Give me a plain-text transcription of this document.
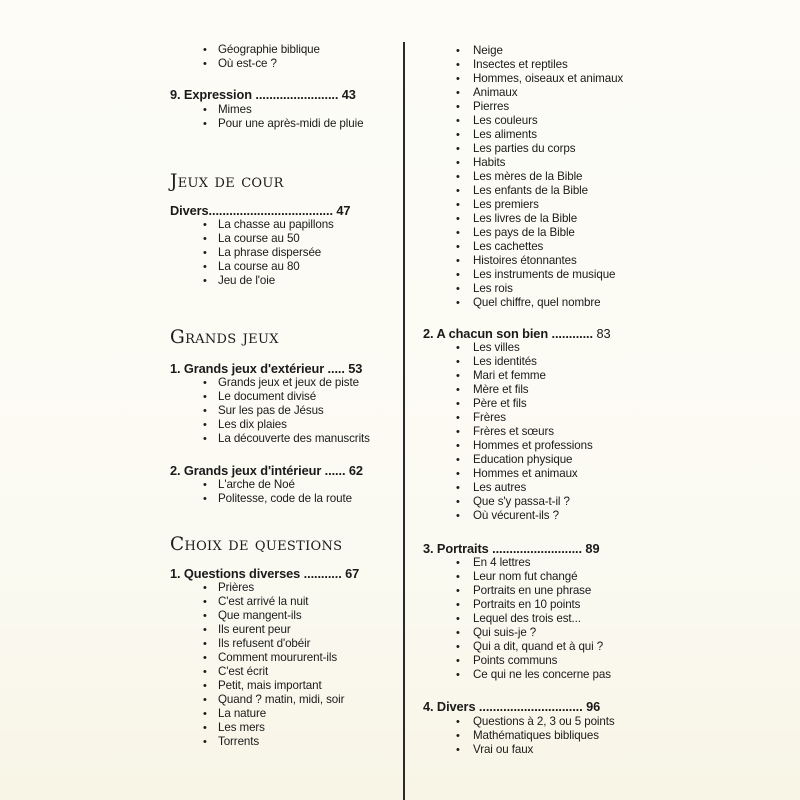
• Géographie biblique
• Où est-ce ?
9. Expression ........................ 43
• Mimes
• Pour une après-midi de pluie
Jeux de cour
Divers.................................... 47
• La chasse au papillons
• La course au 50
• La phrase dispersée
• La course au 80
• Jeu de l'oie
Grands jeux
1. Grands jeux d'extérieur ..... 53
• Grands jeux et jeux de piste
• Le document divisé
• Sur les pas de Jésus
• Les dix plaies
• La découverte des manuscrits
2. Grands jeux d'intérieur ...... 62
• L'arche de Noé
• Politesse, code de la route
Choix de questions
1. Questions diverses ........... 67
• Prières
• C'est arrivé la nuit
• Que mangent-ils
• Ils eurent peur
• Ils refusent d'obéir
• Comment moururent-ils
• C'est écrit
• Petit, mais important
• Quand ? matin, midi, soir
• La nature
• Les mers
• Torrents
• Neige
• Insectes et reptiles
• Hommes, oiseaux et animaux
• Animaux
• Pierres
• Les couleurs
• Les aliments
• Les parties du corps
• Habits
• Les mères de la Bible
• Les enfants de la Bible
• Les premiers
• Les livres de la Bible
• Les pays de la Bible
• Les cachettes
• Histoires étonnantes
• Les instruments de musique
• Les rois
• Quel chiffre, quel nombre
2. A chacun son bien ............ 83
• Les villes
• Les identités
• Mari et femme
• Mère et fils
• Père et fils
• Frères
• Frères et sœurs
• Hommes et professions
• Education physique
• Hommes et animaux
• Les autres
• Que s'y passa-t-il ?
• Où vécurent-ils ?
3. Portraits .......................... 89
• En 4 lettres
• Leur nom fut changé
• Portraits en une phrase
• Portraits en 10 points
• Lequel des trois est...
• Qui suis-je ?
• Qui a dit, quand et à qui ?
• Points communs
• Ce qui ne les concerne pas
4. Divers .............................. 96
• Questions à 2, 3 ou 5 points
• Mathématiques bibliques
• Vrai ou faux
